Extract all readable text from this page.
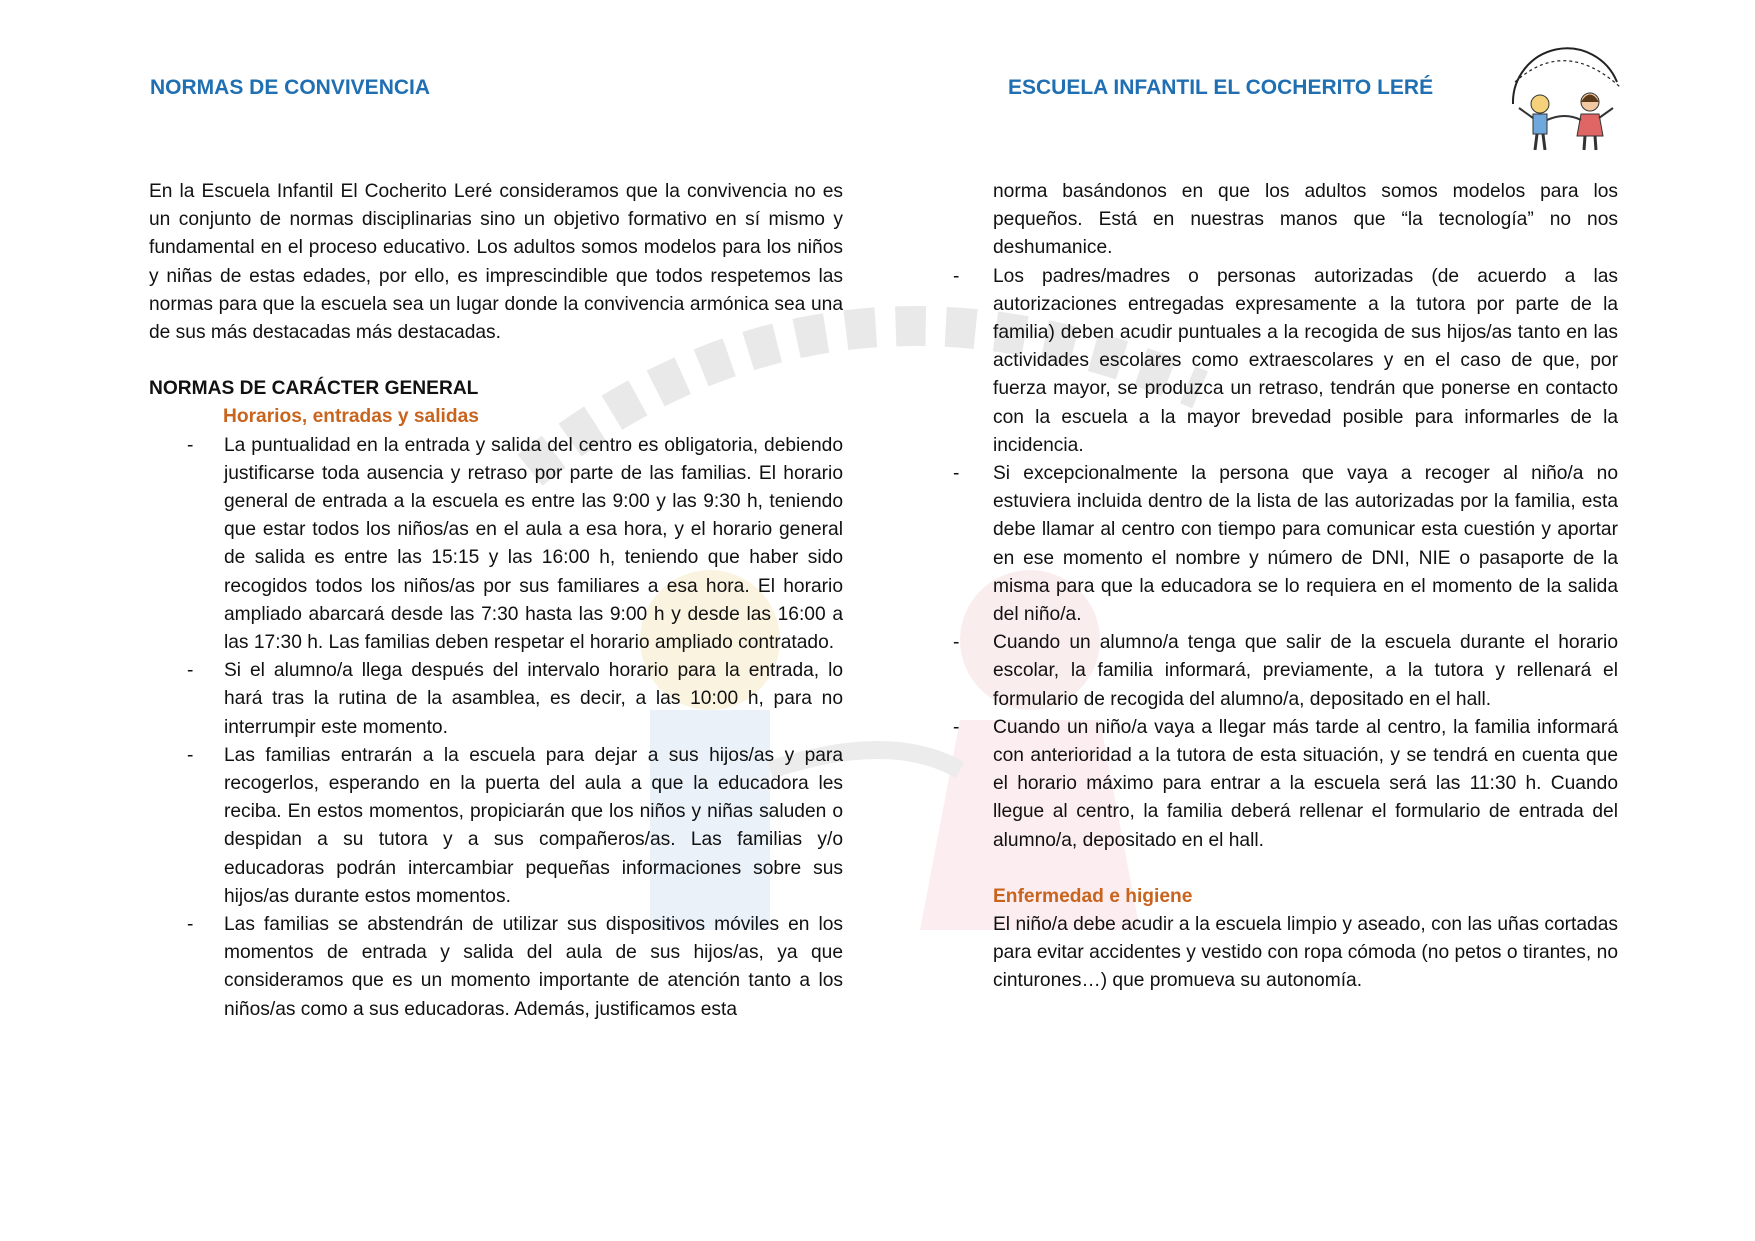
NORMAS DE CONVIVENCIA	ESCUELA INFANTIL EL COCHERITO LERÉ

En la Escuela Infantil El Cocherito Leré consideramos que la convivencia no es un conjunto de normas disciplinarias sino un objetivo formativo en sí mismo y fundamental en el proceso educativo. Los adultos somos modelos para los niños y niñas de estas edades, por ello, es imprescindible que todos respetemos las normas para que la escuela sea un lugar donde la convivencia armónica sea una de sus más destacadas más destacadas.

NORMAS DE CARÁCTER GENERAL

Horarios, entradas y salidas

- La puntualidad en la entrada y salida del centro es obligatoria, debiendo justificarse toda ausencia y retraso por parte de las familias. El horario general de entrada a la escuela es entre las 9:00 y las 9:30 h, teniendo que estar todos los niños/as en el aula a esa hora, y el horario general de salida es entre las 15:15 y las 16:00 h, teniendo que haber sido recogidos todos los niños/as por sus familiares a esa hora. El horario ampliado abarcará desde las 7:30 hasta las 9:00 h y desde las 16:00 a las 17:30 h. Las familias deben respetar el horario ampliado contratado.
- Si el alumno/a llega después del intervalo horario para la entrada, lo hará tras la rutina de la asamblea, es decir, a las 10:00 h, para no interrumpir este momento.
- Las familias entrarán a la escuela para dejar a sus hijos/as y para recogerlos, esperando en la puerta del aula a que la educadora les reciba. En estos momentos, propiciarán que los niños y niñas saluden o despidan a su tutora y a sus compañeros/as. Las familias y/o educadoras podrán intercambiar pequeñas informaciones sobre sus hijos/as durante estos momentos.
- Las familias se abstendrán de utilizar sus dispositivos móviles en los momentos de entrada y salida del aula de sus hijos/as, ya que consideramos que es un momento importante de atención tanto a los niños/as como a sus educadoras. Además, justificamos esta

norma basándonos en que los adultos somos modelos para los pequeños. Está en nuestras manos que “la tecnología” no nos deshumanice.

- Los padres/madres o personas autorizadas (de acuerdo a las autorizaciones entregadas expresamente a la tutora por parte de la familia) deben acudir puntuales a la recogida de sus hijos/as tanto en las actividades escolares como extraescolares y en el caso de que, por fuerza mayor, se produzca un retraso, tendrán que ponerse en contacto con la escuela a la mayor brevedad posible para informarles de la incidencia.
- Si excepcionalmente la persona que vaya a recoger al niño/a no estuviera incluida dentro de la lista de las autorizadas por la familia, esta debe llamar al centro con tiempo para comunicar esta cuestión y aportar en ese momento el nombre y número de DNI, NIE o pasaporte de la misma para que la educadora se lo requiera en el momento de la salida del niño/a.
- Cuando un alumno/a tenga que salir de la escuela durante el horario escolar, la familia informará, previamente, a la tutora y rellenará el formulario de recogida del alumno/a, depositado en el hall.
- Cuando un niño/a vaya a llegar más tarde al centro, la familia informará con anterioridad a la tutora de esta situación, y se tendrá en cuenta que el horario máximo para entrar a la escuela será las 11:30 h. Cuando llegue al centro, la familia deberá rellenar el formulario de entrada del alumno/a, depositado en el hall.

Enfermedad e higiene

El niño/a debe acudir a la escuela limpio y aseado, con las uñas cortadas para evitar accidentes y vestido con ropa cómoda (no petos o tirantes, no cinturones…) que promueva su autonomía.
